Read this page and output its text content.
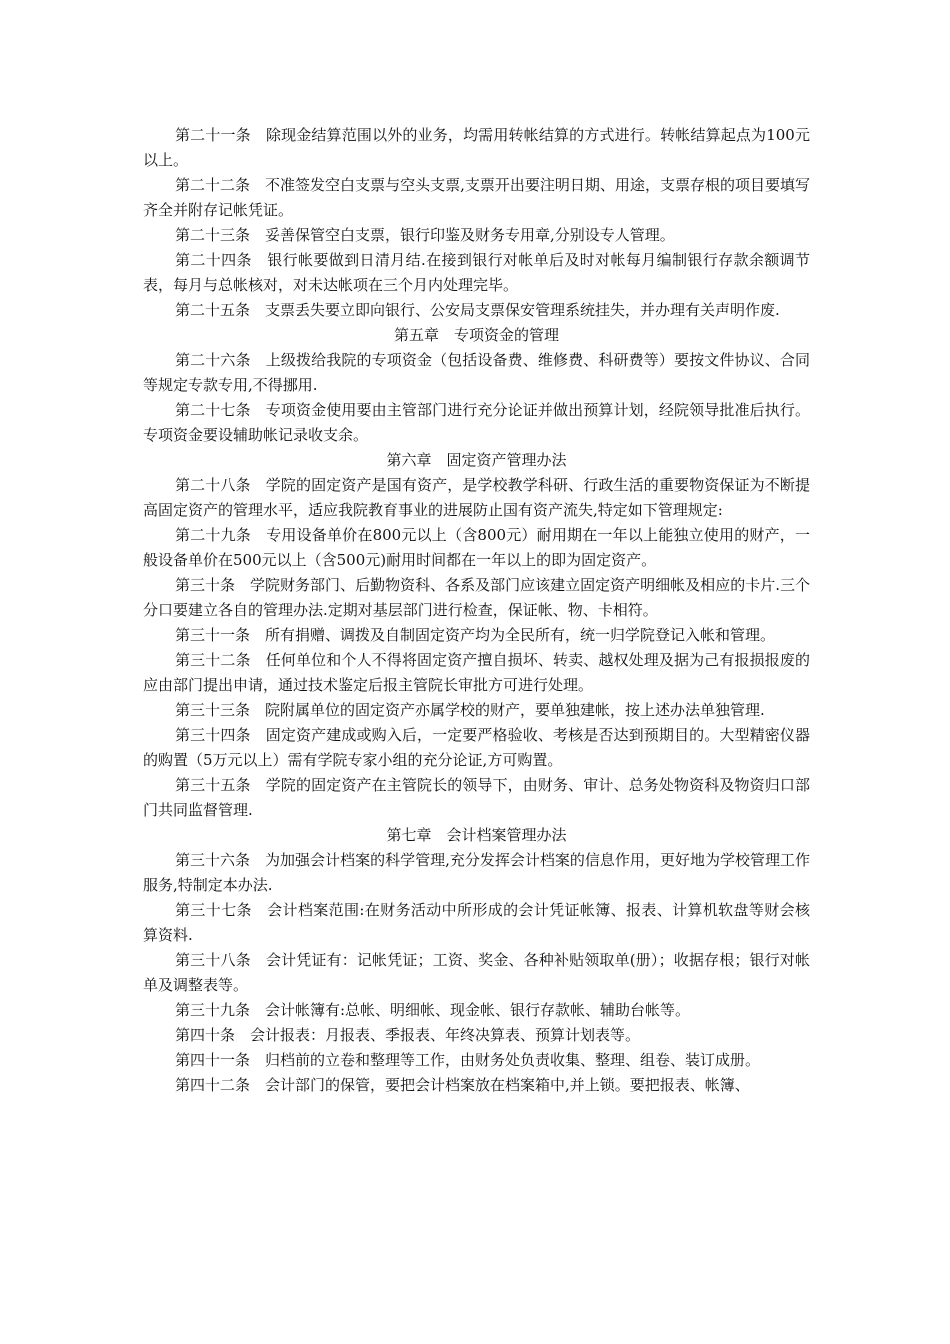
第二十一条　除现金结算范围以外的业务，均需用转帐结算的方式进行。转帐结算起点为100元以上。

第二十二条　不准签发空白支票与空头支票,支票开出要注明日期、用途，支票存根的项目要填写齐全并附存记帐凭证。

第二十三条　妥善保管空白支票，银行印鉴及财务专用章,分别设专人管理。

第二十四条　银行帐要做到日清月结.在接到银行对帐单后及时对帐每月编制银行存款余额调节表，每月与总帐核对，对未达帐项在三个月内处理完毕。

第二十五条　支票丢失要立即向银行、公安局支票保安管理系统挂失，并办理有关声明作废.

第五章　专项资金的管理

第二十六条　上级拨给我院的专项资金（包括设备费、维修费、科研费等）要按文件协议、合同等规定专款专用,不得挪用.

第二十七条　专项资金使用要由主管部门进行充分论证并做出预算计划，经院领导批准后执行。专项资金要设辅助帐记录收支余。

第六章　固定资产管理办法

第二十八条　学院的固定资产是国有资产，是学校教学科研、行政生活的重要物资保证为不断提高固定资产的管理水平，适应我院教育事业的进展防止国有资产流失,特定如下管理规定:

第二十九条　专用设备单价在800元以上（含800元）耐用期在一年以上能独立使用的财产，一般设备单价在500元以上（含500元)耐用时间都在一年以上的即为固定资产。

第三十条　学院财务部门、后勤物资科、各系及部门应该建立固定资产明细帐及相应的卡片.三个分口要建立各自的管理办法.定期对基层部门进行检查，保证帐、物、卡相符。

第三十一条　所有捐赠、调拨及自制固定资产均为全民所有，统一归学院登记入帐和管理。

第三十二条　任何单位和个人不得将固定资产擅自损坏、转卖、越权处理及据为己有报损报废的应由部门提出申请，通过技术鉴定后报主管院长审批方可进行处理。

第三十三条　院附属单位的固定资产亦属学校的财产，要单独建帐，按上述办法单独管理.

第三十四条　固定资产建成或购入后，一定要严格验收、考核是否达到预期目的。大型精密仪器的购置（5万元以上）需有学院专家小组的充分论证,方可购置。

第三十五条　学院的固定资产在主管院长的领导下，由财务、审计、总务处物资科及物资归口部门共同监督管理.

第七章　会计档案管理办法

第三十六条　为加强会计档案的科学管理,充分发挥会计档案的信息作用，更好地为学校管理工作服务,特制定本办法.

第三十七条　会计档案范围:在财务活动中所形成的会计凭证帐簿、报表、计算机软盘等财会核算资料.

第三十八条　会计凭证有：记帐凭证；工资、奖金、各种补贴领取单(册）；收据存根；银行对帐单及调整表等。

第三十九条　会计帐簿有:总帐、明细帐、现金帐、银行存款帐、辅助台帐等。

第四十条　会计报表：月报表、季报表、年终决算表、预算计划表等。

第四十一条　归档前的立卷和整理等工作，由财务处负责收集、整理、组卷、装订成册。

第四十二条　会计部门的保管，要把会计档案放在档案箱中,并上锁。要把报表、帐簿、
